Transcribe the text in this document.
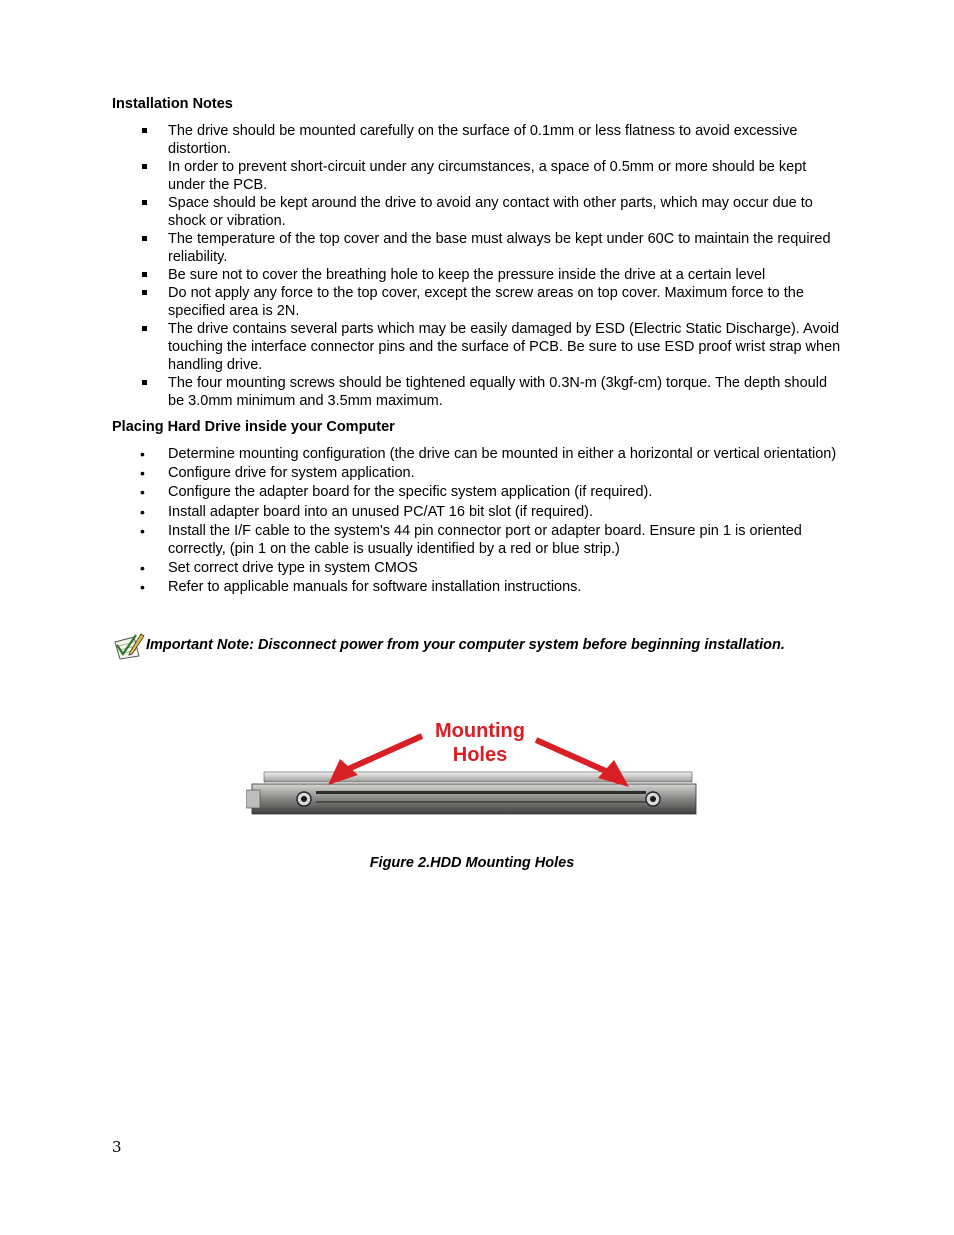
Installation Notes
The drive should be mounted carefully on the surface of 0.1mm or less flatness to avoid excessive distortion.
In order to prevent short-circuit under any circumstances, a space of 0.5mm or more should be kept under the PCB.
Space should be kept around the drive to avoid any contact with other parts, which may occur due to shock or vibration.
The temperature of the top cover and the base must always be kept under 60C to maintain the required reliability.
Be sure not to cover the breathing hole to keep the pressure inside the drive at a certain level
Do not apply any force to the top cover, except the screw areas on top cover. Maximum force to the specified area is 2N.
The drive contains several parts which may be easily damaged by ESD (Electric Static Discharge). Avoid touching the interface connector pins and the surface of PCB. Be sure to use ESD proof wrist strap when handling drive.
The four mounting screws should be tightened equally with 0.3N-m (3kgf-cm) torque. The depth should be 3.0mm minimum and 3.5mm maximum.
Placing Hard Drive inside your Computer
• Determine mounting configuration (the drive can be mounted in either a horizontal or vertical orientation)
• Configure drive for system application.
• Configure the adapter board for the specific system application (if required).
• Install adapter board into an unused PC/AT 16 bit slot (if required).
• Install the I/F cable to the system's 44 pin connector port or adapter board. Ensure pin 1 is oriented correctly, (pin 1 on the cable is usually identified by a red or blue strip.)
• Set correct drive type in system CMOS
• Refer to applicable manuals for software installation instructions.
Important Note: Disconnect power from your computer system before beginning installation.
Mounting
Holes
Figure 2.HDD Mounting Holes
3
